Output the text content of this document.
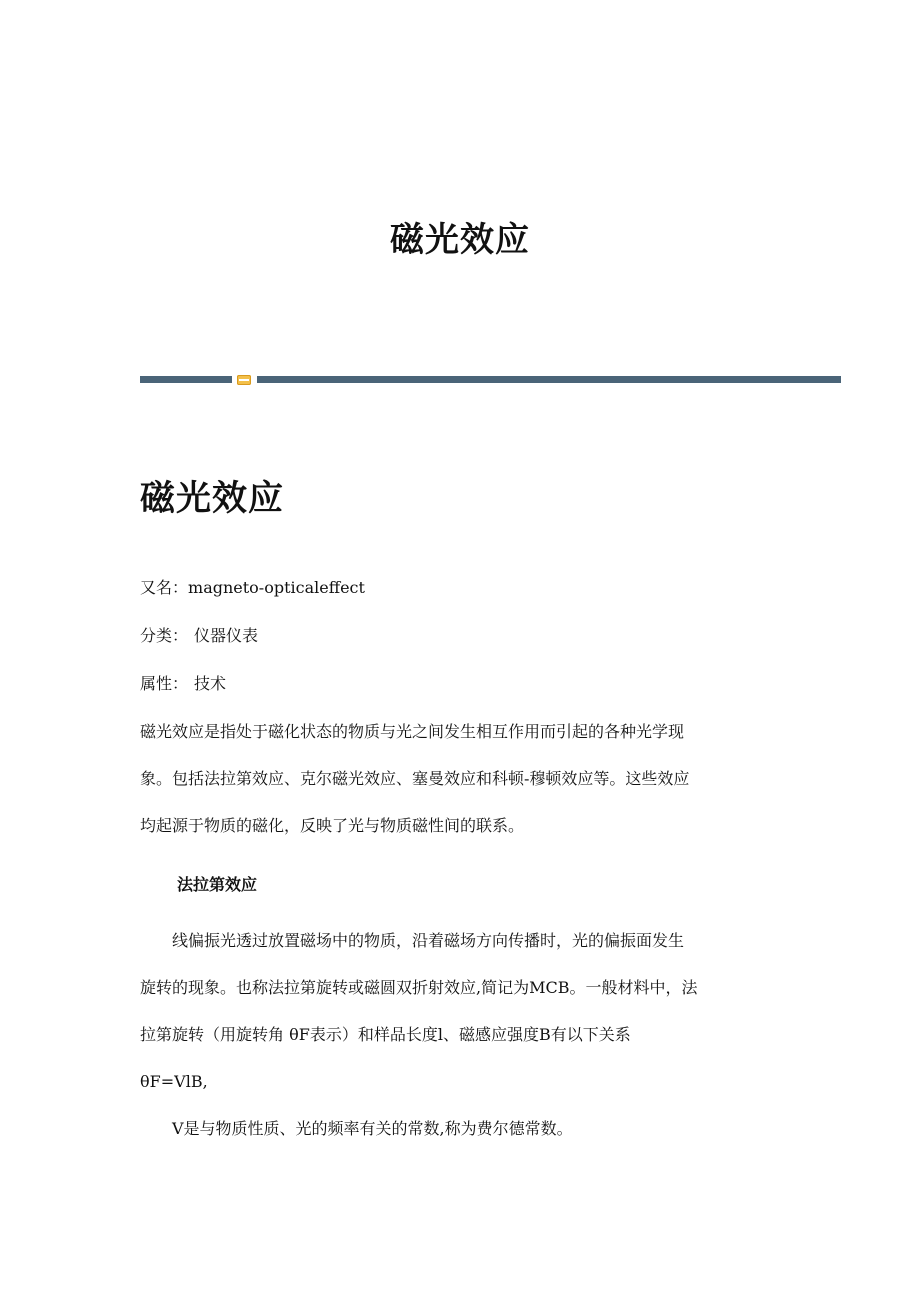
磁光效应
磁光效应
又名：magneto-opticaleffect
分类： 仪器仪表
属性： 技术
磁光效应是指处于磁化状态的物质与光之间发生相互作用而引起的各种光学现
象。包括法拉第效应、克尔磁光效应、塞曼效应和科顿-穆顿效应等。这些效应
均起源于物质的磁化，反映了光与物质磁性间的联系。
法拉第效应
　　线偏振光透过放置磁场中的物质，沿着磁场方向传播时，光的偏振面发生
旋转的现象。也称法拉第旋转或磁圆双折射效应,简记为MCB。一般材料中，法
拉第旋转（用旋转角 θF表示）和样品长度l、磁感应强度B有以下关系
θF=VlB,
　　V是与物质性质、光的频率有关的常数,称为费尔德常数。
